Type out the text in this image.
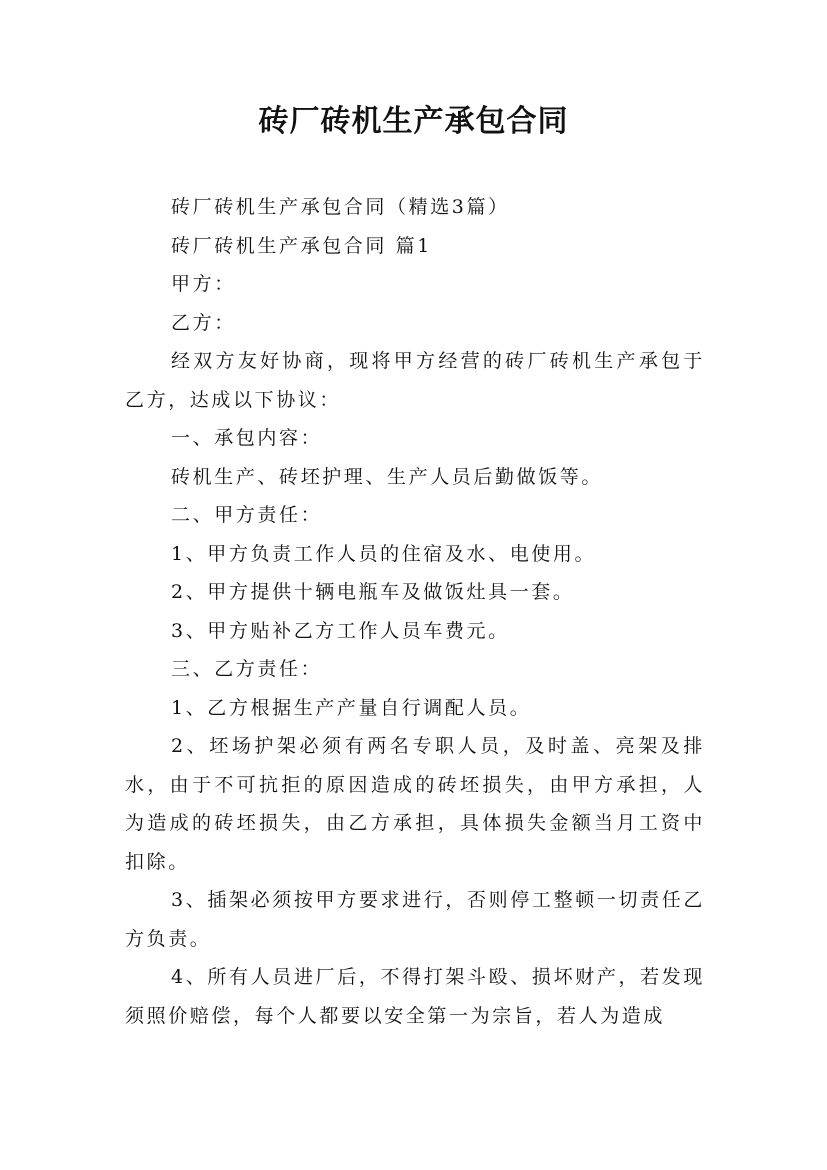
砖厂砖机生产承包合同

砖厂砖机生产承包合同（精选3篇）

砖厂砖机生产承包合同 篇1

甲方：

乙方：

经双方友好协商，现将甲方经营的砖厂砖机生产承包于乙方，达成以下协议：

一、承包内容：

砖机生产、砖坯护理、生产人员后勤做饭等。

二、甲方责任：

1、甲方负责工作人员的住宿及水、电使用。

2、甲方提供十辆电瓶车及做饭灶具一套。

3、甲方贴补乙方工作人员车费元。

三、乙方责任：

1、乙方根据生产产量自行调配人员。

2、坯场护架必须有两名专职人员，及时盖、亮架及排水，由于不可抗拒的原因造成的砖坯损失，由甲方承担，人为造成的砖坯损失，由乙方承担，具体损失金额当月工资中扣除。

3、插架必须按甲方要求进行，否则停工整顿一切责任乙方负责。

4、所有人员进厂后，不得打架斗殴、损坏财产，若发现须照价赔偿，每个人都要以安全第一为宗旨，若人为造成
